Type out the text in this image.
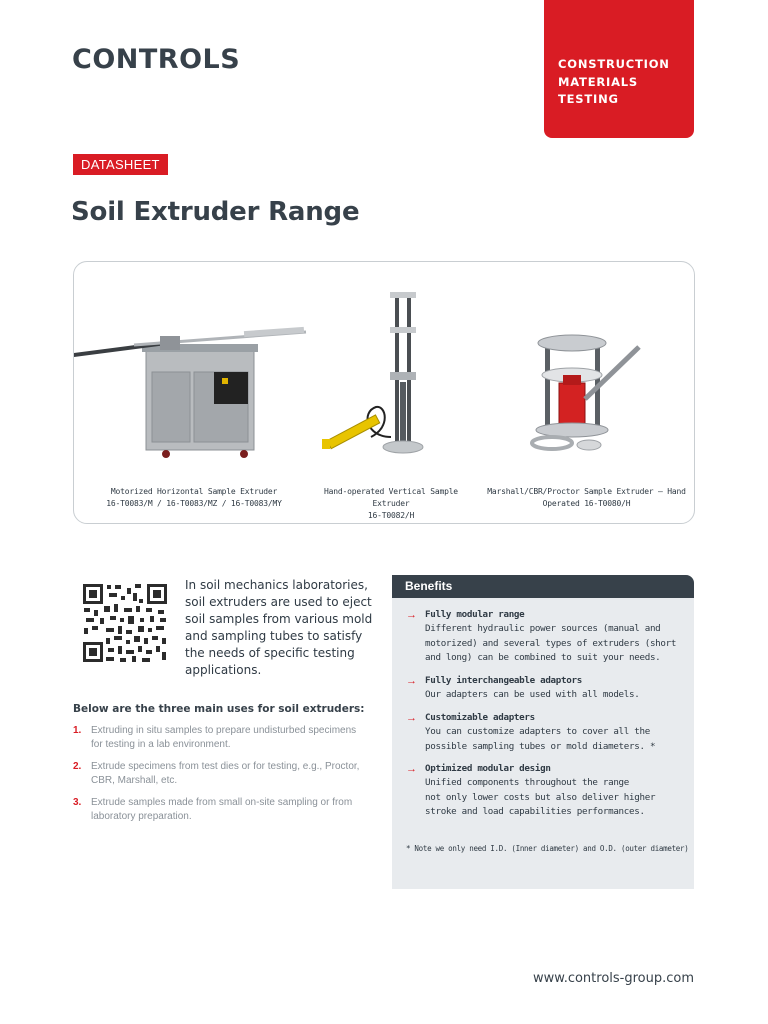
CONTROLS	CONSTRUCTION
MATERIALS
TESTING
DATASHEET
Soil Extruder Range
Motorized Horizontal Sample Extruder
16-T0083/M / 16-T0083/MZ / 16-T0083/MY
Hand-operated Vertical Sample Extruder
16-T0082/H
Marshall/CBR/Proctor Sample Extruder – Hand
Operated 16-T0080/H

In soil mechanics laboratories, soil extruders are used to eject soil samples from various mold and sampling tubes to satisfy the needs of specific testing applications.

Below are the three main uses for soil extruders:
1. Extruding in situ samples to prepare undisturbed specimens for testing in a lab environment.
2. Extrude specimens from test dies or for testing, e.g., Proctor, CBR, Marshall, etc.
3. Extrude samples made from small on-site sampling or from laboratory preparation.
Benefits
→ Fully modular range
Different hydraulic power sources (manual and
motorized) and several types of extruders (short
and long) can be combined to suit your needs.
→ Fully interchangeable adaptors
Our adapters can be used with all models.
→ Customizable adapters
You can customize adapters to cover all the
possible sampling tubes or mold diameters. *
→ Optimized modular design
Unified components throughout the range
not only lower costs but also deliver higher
stroke and load capabilities performances.
* Note we only need I.D. (Inner diameter) and O.D. (outer diameter)
www.controls-group.com
